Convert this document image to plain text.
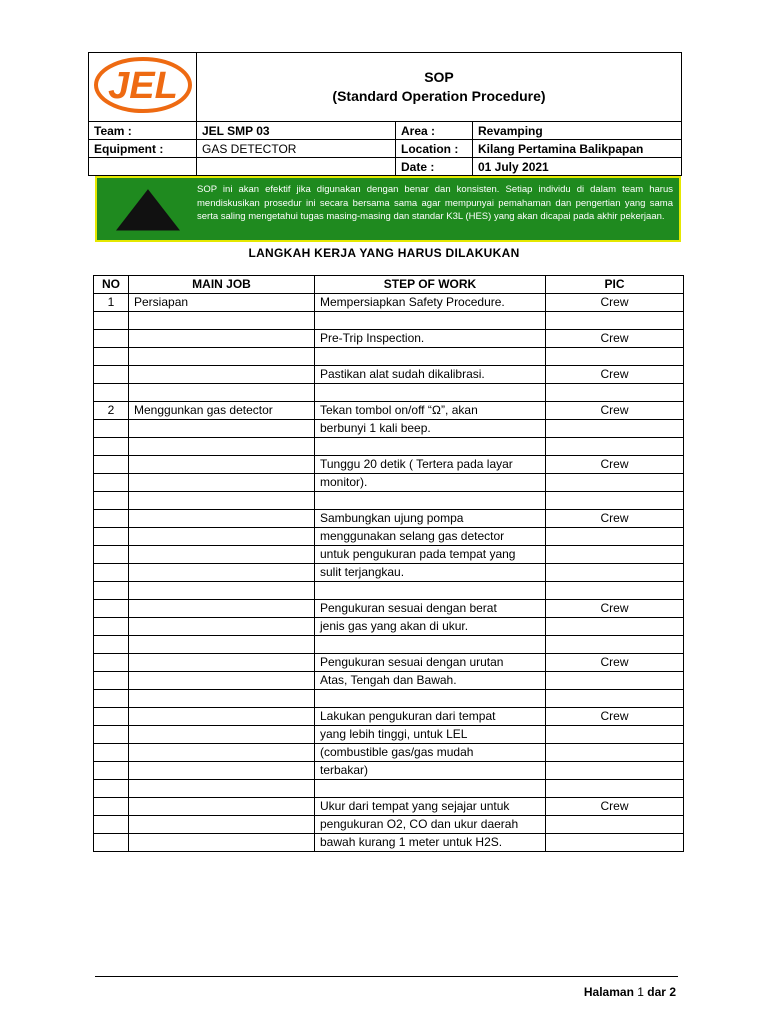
JEL	SOP
(Standard Operation Procedure)		

Team :	JEL SMP 03	Area :	Revamping
Equipment :	GAS DETECTOR	Location :	Kilang Pertamina Balikpapan
		Date :	01 July 2021
SOP ini akan efektif jika digunakan dengan benar dan konsisten. Setiap individu di dalam team harus mendiskusikan prosedur ini secara bersama sama agar mempunyai pemahaman dan pengertian yang sama serta saling mengetahui tugas masing-masing dan standar K3L (HES) yang akan dicapai pada akhir pekerjaan.
LANGKAH KERJA YANG HARUS DILAKUKAN
NO	MAIN JOB	STEP OF WORK	PIC
1	Persiapan	Mempersiapkan Safety Procedure.	Crew

		Pre-Trip Inspection.	Crew

		Pastikan alat sudah dikalibrasi.	Crew

2	Menggunkan gas detector	Tekan tombol on/off “Ω”, akan	Crew
		berbunyi 1 kali beep.	

		Tunggu 20 detik ( Tertera pada layar	Crew
		monitor).	

		Sambungkan ujung pompa	Crew
		menggunakan selang gas detector	
		untuk pengukuran pada tempat yang	
		sulit terjangkau.	

		Pengukuran sesuai dengan berat	Crew
		jenis gas yang akan di ukur.	

		Pengukuran sesuai dengan urutan	Crew
		Atas, Tengah dan Bawah.	

		Lakukan pengukuran dari tempat	Crew
		yang lebih tinggi, untuk LEL	
		(combustible gas/gas mudah	
		terbakar)	

		Ukur dari tempat yang sejajar untuk	Crew
		pengukuran O2, CO dan ukur daerah	
		bawah kurang 1 meter untuk H2S.	
Halaman 1 dar 2
